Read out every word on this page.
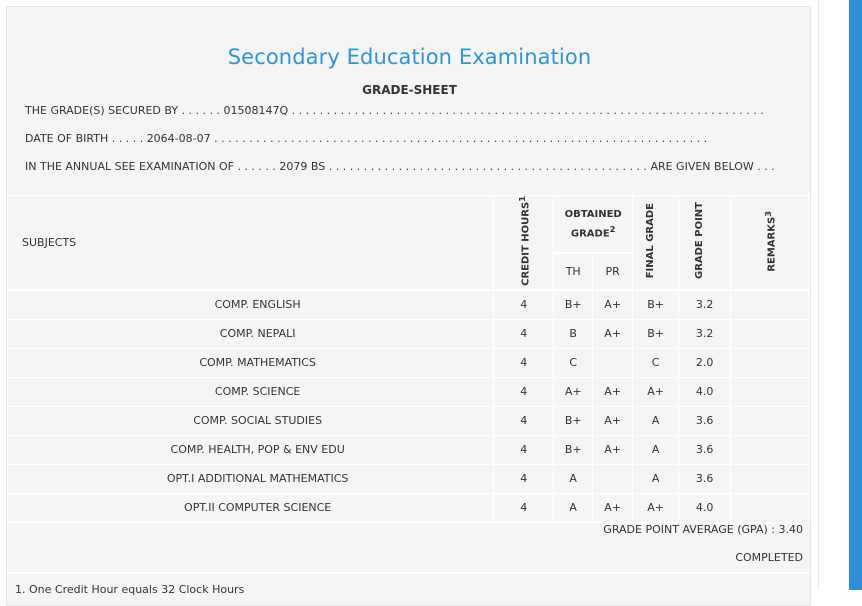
Secondary Education Examination
GRADE-SHEET
THE GRADE(S) SECURED BY . . . . . . 01508147Q . . . . . . . . . . . . . . . . . . . . . . . . . . . . . . . . . . . . . . . . . . . . . . . . . . . . . . . . . . . . . . . . . . . .
DATE OF BIRTH . . . . . 2064-08-07 . . . . . . . . . . . . . . . . . . . . . . . . . . . . . . . . . . . . . . . . . . . . . . . . . . . . . . . . . . . . . . . . . . . . . . .
IN THE ANNUAL SEE EXAMINATION OF . . . . . . 2079 BS . . . . . . . . . . . . . . . . . . . . . . . . . . . . . . . . . . . . . . . . . . . . . . ARE GIVEN BELOW . . .
SUBJECTS	CREDIT HOURS$^1$	OBTAINED GRADE$^2$		FINAL GRADE	GRADE POINT	REMARKS$^3$
		TH	PR			
COMP. ENGLISH	4	B+	A+	B+	3.2	
COMP. NEPALI	4	B	A+	B+	3.2	
COMP. MATHEMATICS	4	C		C	2.0	
COMP. SCIENCE	4	A+	A+	A+	4.0	
COMP. SOCIAL STUDIES	4	B+	A+	A	3.6	
COMP. HEALTH, POP & ENV EDU	4	B+	A+	A	3.6	
OPT.I ADDITIONAL MATHEMATICS	4	A		A	3.6	
OPT.II COMPUTER SCIENCE	4	A	A+	A+	4.0	
GRADE POINT AVERAGE (GPA) : 3.40
COMPLETED
1. One Credit Hour equals 32 Clock Hours
